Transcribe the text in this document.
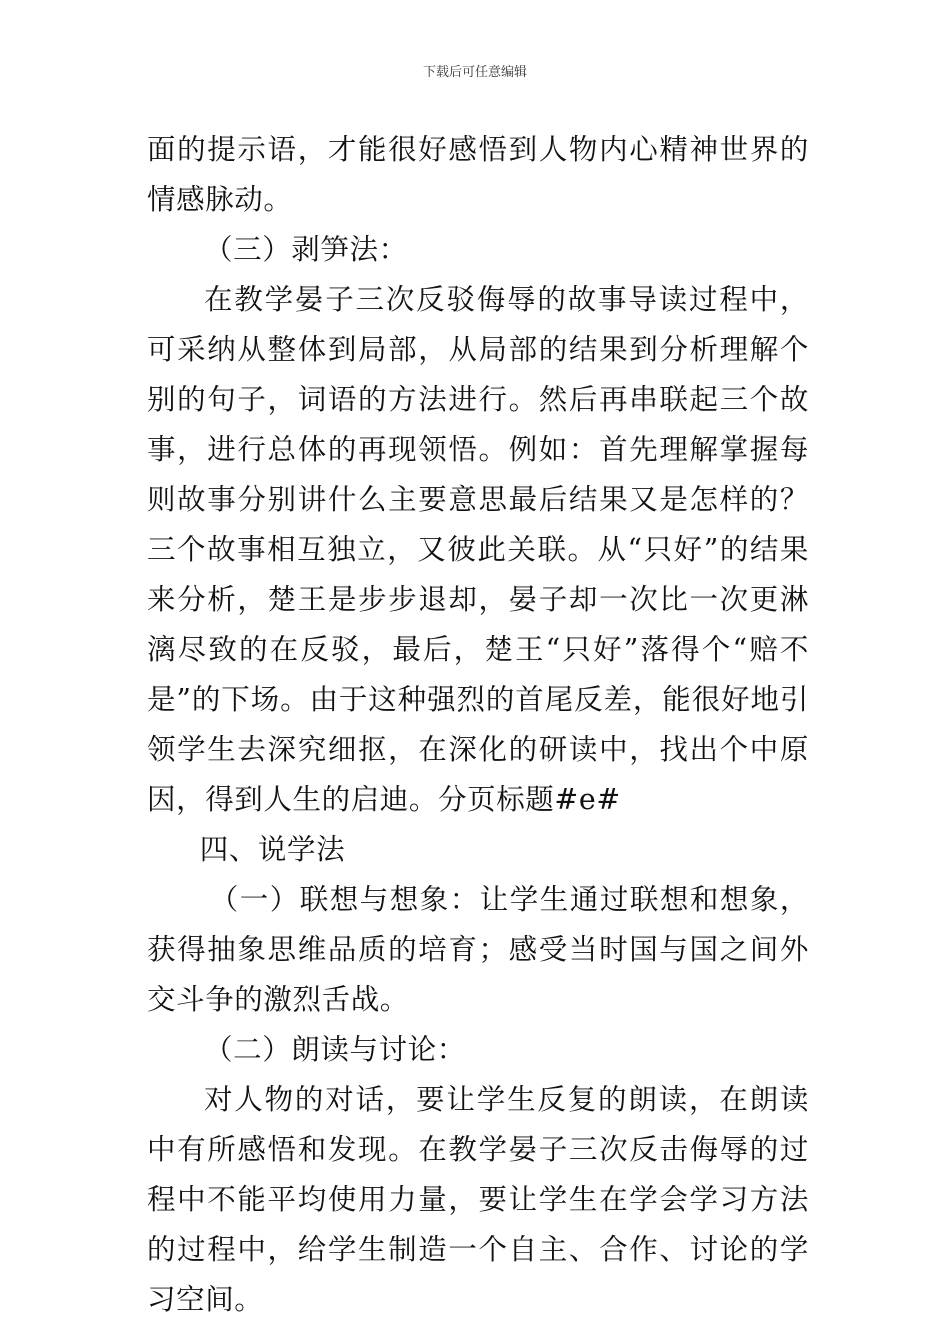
下载后可任意编辑

面的提示语，才能很好感悟到人物内心精神世界的情感脉动。

（三）剥笋法：

在教学晏子三次反驳侮辱的故事导读过程中，可采纳从整体到局部，从局部的结果到分析理解个别的句子，词语的方法进行。然后再串联起三个故事，进行总体的再现领悟。例如：首先理解掌握每则故事分别讲什么主要意思最后结果又是怎样的？三个故事相互独立，又彼此关联。从“只好”的结果来分析，楚王是步步退却，晏子却一次比一次更淋漓尽致的在反驳，最后，楚王“只好”落得个“赔不是”的下场。由于这种强烈的首尾反差，能很好地引领学生去深究细抠，在深化的研读中，找出个中原因，得到人生的启迪。分页标题#e#

四、说学法

（一）联想与想象：让学生通过联想和想象，获得抽象思维品质的培育；感受当时国与国之间外交斗争的激烈舌战。

（二）朗读与讨论：

对人物的对话，要让学生反复的朗读，在朗读中有所感悟和发现。在教学晏子三次反击侮辱的过程中不能平均使用力量，要让学生在学会学习方法的过程中，给学生制造一个自主、合作、讨论的学习空间。
